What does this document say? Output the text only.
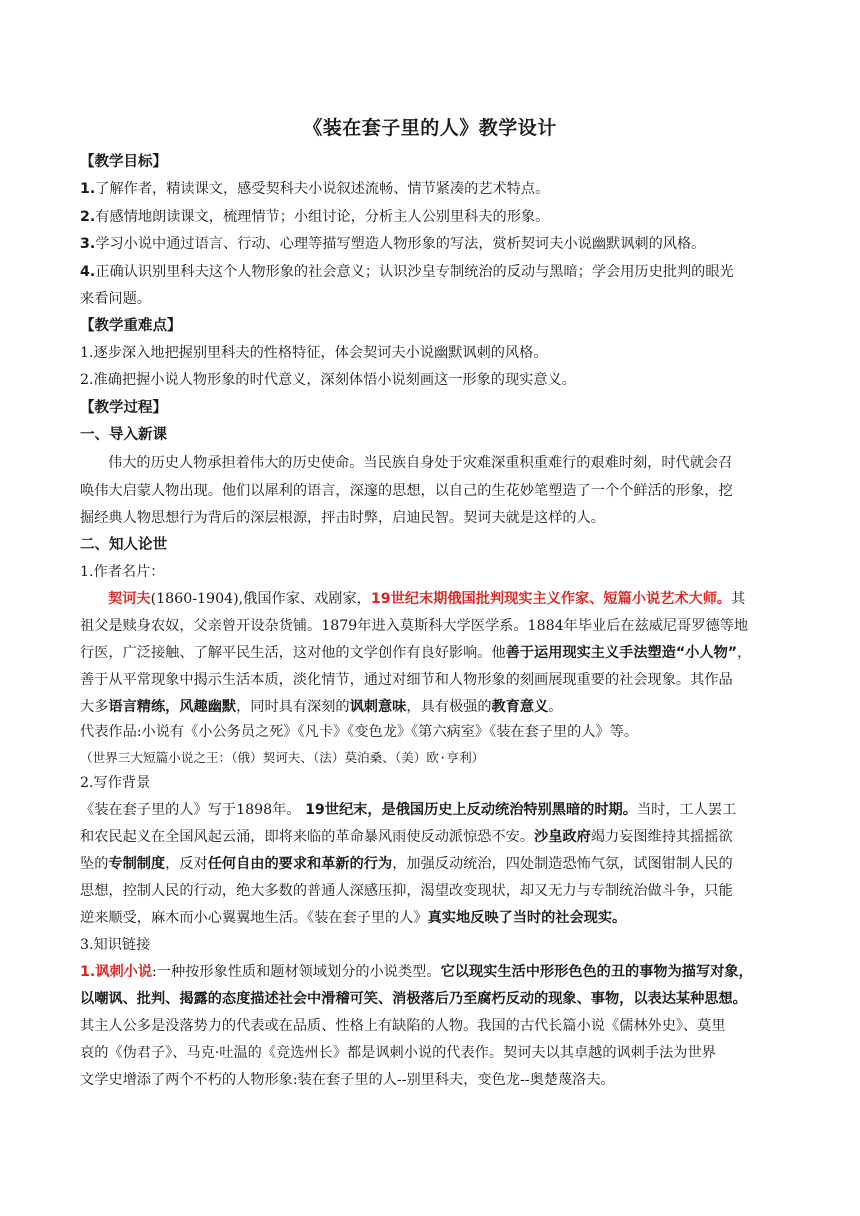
《装在套子里的人》教学设计
【教学目标】
1.了解作者，精读课文，感受契科夫小说叙述流畅、情节紧凑的艺术特点。
2.有感情地朗读课文，梳理情节；小组讨论，分析主人公别里科夫的形象。
3.学习小说中通过语言、行动、心理等描写塑造人物形象的写法，赏析契诃夫小说幽默讽刺的风格。
4.正确认识别里科夫这个人物形象的社会意义；认识沙皇专制统治的反动与黑暗；学会用历史批判的眼光
来看问题。
【教学重难点】
1.逐步深入地把握别里科夫的性格特征，体会契诃夫小说幽默讽刺的风格。
2.准确把握小说人物形象的时代意义，深刻体悟小说刻画这一形象的现实意义。
【教学过程】
一、导入新课
伟大的历史人物承担着伟大的历史使命。当民族自身处于灾难深重积重难行的艰难时刻，时代就会召
唤伟大启蒙人物出现。他们以犀利的语言，深邃的思想，以自己的生花妙笔塑造了一个个鲜活的形象，挖
掘经典人物思想行为背后的深层根源，抨击时弊，启迪民智。契诃夫就是这样的人。
二、知人论世
1.作者名片：
契诃夫(1860-1904),俄国作家、戏剧家，19世纪末期俄国批判现实主义作家、短篇小说艺术大师。其
祖父是赎身农奴，父亲曾开设杂货铺。1879年进入莫斯科大学医学系。1884年毕业后在兹威尼哥罗德等地
行医，广泛接触、了解平民生活，这对他的文学创作有良好影响。他善于运用现实主义手法塑造“小人物”，
善于从平常现象中揭示生活本质，淡化情节，通过对细节和人物形象的刻画展现重要的社会现象。其作品
大多语言精练，风趣幽默，同时具有深刻的讽刺意味，具有极强的教育意义。
代表作品:小说有《小公务员之死》《凡卡》《变色龙》《第六病室》《装在套子里的人》等。
（世界三大短篇小说之王：（俄）契诃夫、（法）莫泊桑、（美）欧·亨利）
2.写作背景
《装在套子里的人》写于1898年。 19世纪末，是俄国历史上反动统治特别黑暗的时期。当时，工人罢工
和农民起义在全国风起云涌，即将来临的革命暴风雨使反动派惊恐不安。沙皇政府竭力妄图维持其摇摇欲
坠的专制制度，反对任何自由的要求和革新的行为，加强反动统治，四处制造恐怖气氛，试图钳制人民的
思想，控制人民的行动，绝大多数的普通人深感压抑，渴望改变现状，却又无力与专制统治做斗争，只能
逆来顺受，麻木而小心翼翼地生活。《装在套子里的人》真实地反映了当时的社会现实。
3.知识链接
1.讽刺小说:一种按形象性质和题材领域划分的小说类型。它以现实生活中形形色色的丑的事物为描写对象，
以嘲讽、批判、揭露的态度描述社会中滑稽可笑、消极落后乃至腐朽反动的现象、事物，以表达某种思想。
其主人公多是没落势力的代表或在品质、性格上有缺陷的人物。我国的古代长篇小说《儒林外史》、莫里
哀的《伪君子》、马克·吐温的《竞选州长》都是讽刺小说的代表作。契诃夫以其卓越的讽刺手法为世界
文学史增添了两个不朽的人物形象:装在套子里的人--别里科夫，变色龙--奥楚蔑洛夫。
